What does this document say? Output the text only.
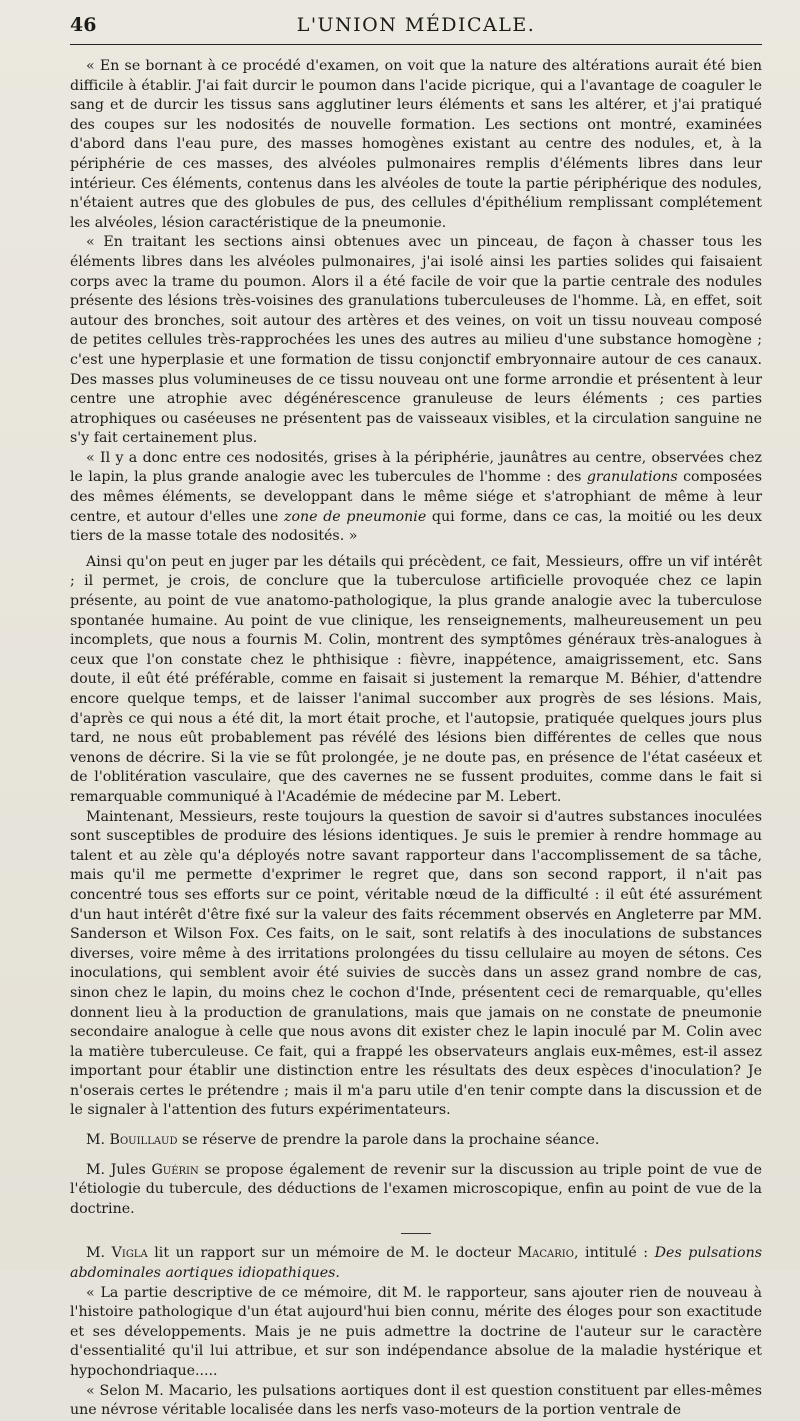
46	L'UNION MÉDICALE.

« En se bornant à ce procédé d'examen, on voit que la nature des altérations aurait été bien difficile à établir. J'ai fait durcir le poumon dans l'acide picrique, qui a l'avantage de coaguler le sang et de durcir les tissus sans agglutiner leurs éléments et sans les altérer, et j'ai pratiqué des coupes sur les nodosités de nouvelle formation. Les sections ont montré, examinées d'abord dans l'eau pure, des masses homogènes existant au centre des nodules, et, à la périphérie de ces masses, des alvéoles pulmonaires remplis d'éléments libres dans leur intérieur. Ces éléments, contenus dans les alvéoles de toute la partie périphérique des nodules, n'étaient autres que des globules de pus, des cellules d'épithélium remplissant complétement les alvéoles, lésion caractéristique de la pneumonie.

« En traitant les sections ainsi obtenues avec un pinceau, de façon à chasser tous les éléments libres dans les alvéoles pulmonaires, j'ai isolé ainsi les parties solides qui faisaient corps avec la trame du poumon. Alors il a été facile de voir que la partie centrale des nodules présente des lésions très-voisines des granulations tuberculeuses de l'homme. Là, en effet, soit autour des bronches, soit autour des artères et des veines, on voit un tissu nouveau composé de petites cellules très-rapprochées les unes des autres au milieu d'une substance homogène ; c'est une hyperplasie et une formation de tissu conjonctif embryonnaire autour de ces canaux. Des masses plus volumineuses de ce tissu nouveau ont une forme arrondie et présentent à leur centre une atrophie avec dégénérescence granuleuse de leurs éléments ; ces parties atrophiques ou caséeuses ne présentent pas de vaisseaux visibles, et la circulation sanguine ne s'y fait certainement plus.

« Il y a donc entre ces nodosités, grises à la périphérie, jaunâtres au centre, observées chez le lapin, la plus grande analogie avec les tubercules de l'homme : des granulations composées des mêmes éléments, se developpant dans le même siége et s'atrophiant de même à leur centre, et autour d'elles une zone de pneumonie qui forme, dans ce cas, la moitié ou les deux tiers de la masse totale des nodosités. »

Ainsi qu'on peut en juger par les détails qui précèdent, ce fait, Messieurs, offre un vif intérêt ; il permet, je crois, de conclure que la tuberculose artificielle provoquée chez ce lapin présente, au point de vue anatomo-pathologique, la plus grande analogie avec la tuberculose spontanée humaine. Au point de vue clinique, les renseignements, malheureusement un peu incomplets, que nous a fournis M. Colin, montrent des symptômes généraux très-analogues à ceux que l'on constate chez le phthisique : fièvre, inappétence, amaigrissement, etc. Sans doute, il eût été préférable, comme en faisait si justement la remarque M. Béhier, d'attendre encore quelque temps, et de laisser l'animal succomber aux progrès de ses lésions. Mais, d'après ce qui nous a été dit, la mort était proche, et l'autopsie, pratiquée quelques jours plus tard, ne nous eût probablement pas révélé des lésions bien différentes de celles que nous venons de décrire. Si la vie se fût prolongée, je ne doute pas, en présence de l'état caséeux et de l'oblitération vasculaire, que des cavernes ne se fussent produites, comme dans le fait si remarquable communiqué à l'Académie de médecine par M. Lebert.

Maintenant, Messieurs, reste toujours la question de savoir si d'autres substances inoculées sont susceptibles de produire des lésions identiques. Je suis le premier à rendre hommage au talent et au zèle qu'a déployés notre savant rapporteur dans l'accomplissement de sa tâche, mais qu'il me permette d'exprimer le regret que, dans son second rapport, il n'ait pas concentré tous ses efforts sur ce point, véritable nœud de la difficulté : il eût été assurément d'un haut intérêt d'être fixé sur la valeur des faits récemment observés en Angleterre par MM. Sanderson et Wilson Fox. Ces faits, on le sait, sont relatifs à des inoculations de substances diverses, voire même à des irritations prolongées du tissu cellulaire au moyen de sétons. Ces inoculations, qui semblent avoir été suivies de succès dans un assez grand nombre de cas, sinon chez le lapin, du moins chez le cochon d'Inde, présentent ceci de remarquable, qu'elles donnent lieu à la production de granulations, mais que jamais on ne constate de pneumonie secondaire analogue à celle que nous avons dit exister chez le lapin inoculé par M. Colin avec la matière tuberculeuse. Ce fait, qui a frappé les observateurs anglais eux-mêmes, est-il assez important pour établir une distinction entre les résultats des deux espèces d'inoculation? Je n'oserais certes le prétendre ; mais il m'a paru utile d'en tenir compte dans la discussion et de le signaler à l'attention des futurs expérimentateurs.

M. Bouillaud se réserve de prendre la parole dans la prochaine séance.

M. Jules Guérin se propose également de revenir sur la discussion au triple point de vue de l'étiologie du tubercule, des déductions de l'examen microscopique, enfin au point de vue de la doctrine.

M. Vigla lit un rapport sur un mémoire de M. le docteur Macario, intitulé : Des pulsations abdominales aortiques idiopathiques.

« La partie descriptive de ce mémoire, dit M. le rapporteur, sans ajouter rien de nouveau à l'histoire pathologique d'un état aujourd'hui bien connu, mérite des éloges pour son exactitude et ses développements. Mais je ne puis admettre la doctrine de l'auteur sur le caractère d'essentialité qu'il lui attribue, et sur son indépendance absolue de la maladie hystérique et hypochondriaque.....

« Selon M. Macario, les pulsations aortiques dont il est question constituent par elles-mêmes une névrose véritable localisée dans les nerfs vaso-moteurs de la portion ventrale de
